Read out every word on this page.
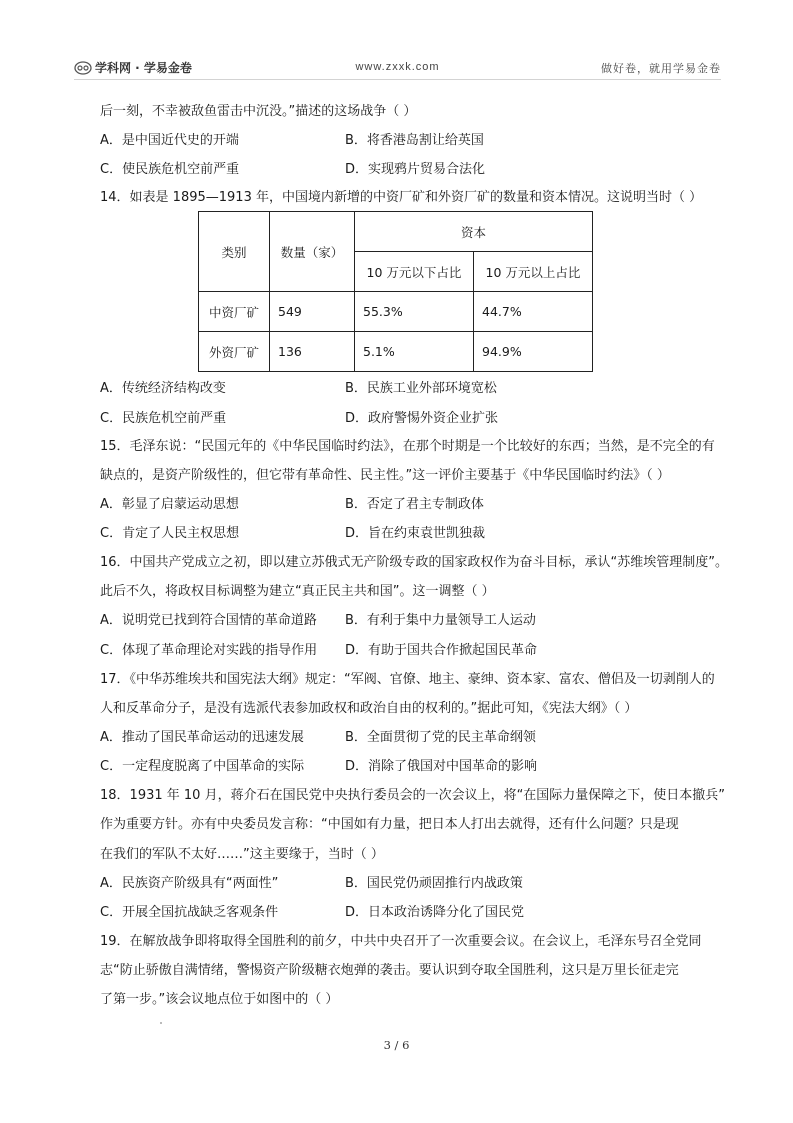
学科网 · 学易金卷	www.zxxk.com	做好卷，就用学易金卷
后一刻，不幸被敌鱼雷击中沉没。”描述的这场战争（ ）
A．是中国近代史的开端	B．将香港岛割让给英国
C．使民族危机空前严重	D．实现鸦片贸易合法化
14．如表是 1895—1913 年，中国境内新增的中资厂矿和外资厂矿的数量和资本情况。这说明当时（ ）
类别	数量（家）	资本	
		10 万元以下占比	10 万元以上占比
中资厂矿	549	55.3%	44.7%
外资厂矿	136	5.1%	94.9%
A．传统经济结构改变	B．民族工业外部环境宽松
C．民族危机空前严重	D．政府警惕外资企业扩张
15．毛泽东说：“民国元年的《中华民国临时约法》，在那个时期是一个比较好的东西；当然，是不完全的有
缺点的，是资产阶级性的，但它带有革命性、民主性。”这一评价主要基于《中华民国临时约法》（ ）
A．彰显了启蒙运动思想	B．否定了君主专制政体
C．肯定了人民主权思想	D．旨在约束袁世凯独裁
16．中国共产党成立之初，即以建立苏俄式无产阶级专政的国家政权作为奋斗目标，承认“苏维埃管理制度”。
此后不久，将政权目标调整为建立“真正民主共和国”。这一调整（ ）
A．说明党已找到符合国情的革命道路 B．有利于集中力量领导工人运动
C．体现了革命理论对实践的指导作用 D．有助于国共合作掀起国民革命
17．《中华苏维埃共和国宪法大纲》规定：“军阀、官僚、地主、豪绅、资本家、富农、僧侣及一切剥削人的
人和反革命分子，是没有选派代表参加政权和政治自由的权利的。”据此可知，《宪法大纲》（ ）
A．推动了国民革命运动的迅速发展	B．全面贯彻了党的民主革命纲领
C．一定程度脱离了中国革命的实际	D．消除了俄国对中国革命的影响
18．1931 年 10 月，蒋介石在国民党中央执行委员会的一次会议上，将“在国际力量保障之下，使日本撤兵”
作为重要方针。亦有中央委员发言称：“中国如有力量，把日本人打出去就得，还有什么问题？只是现
在我们的军队不太好……”这主要缘于，当时（ ）
A．民族资产阶级具有“两面性”	B．国民党仍顽固推行内战政策
C．开展全国抗战缺乏客观条件	D．日本政治诱降分化了国民党
19．在解放战争即将取得全国胜利的前夕，中共中央召开了一次重要会议。在会议上，毛泽东号召全党同
志“防止骄傲自满情绪，警惕资产阶级糖衣炮弹的袭击。要认识到夺取全国胜利，这只是万里长征走完
了第一步。”该会议地点位于如图中的（ ）
3 / 6
